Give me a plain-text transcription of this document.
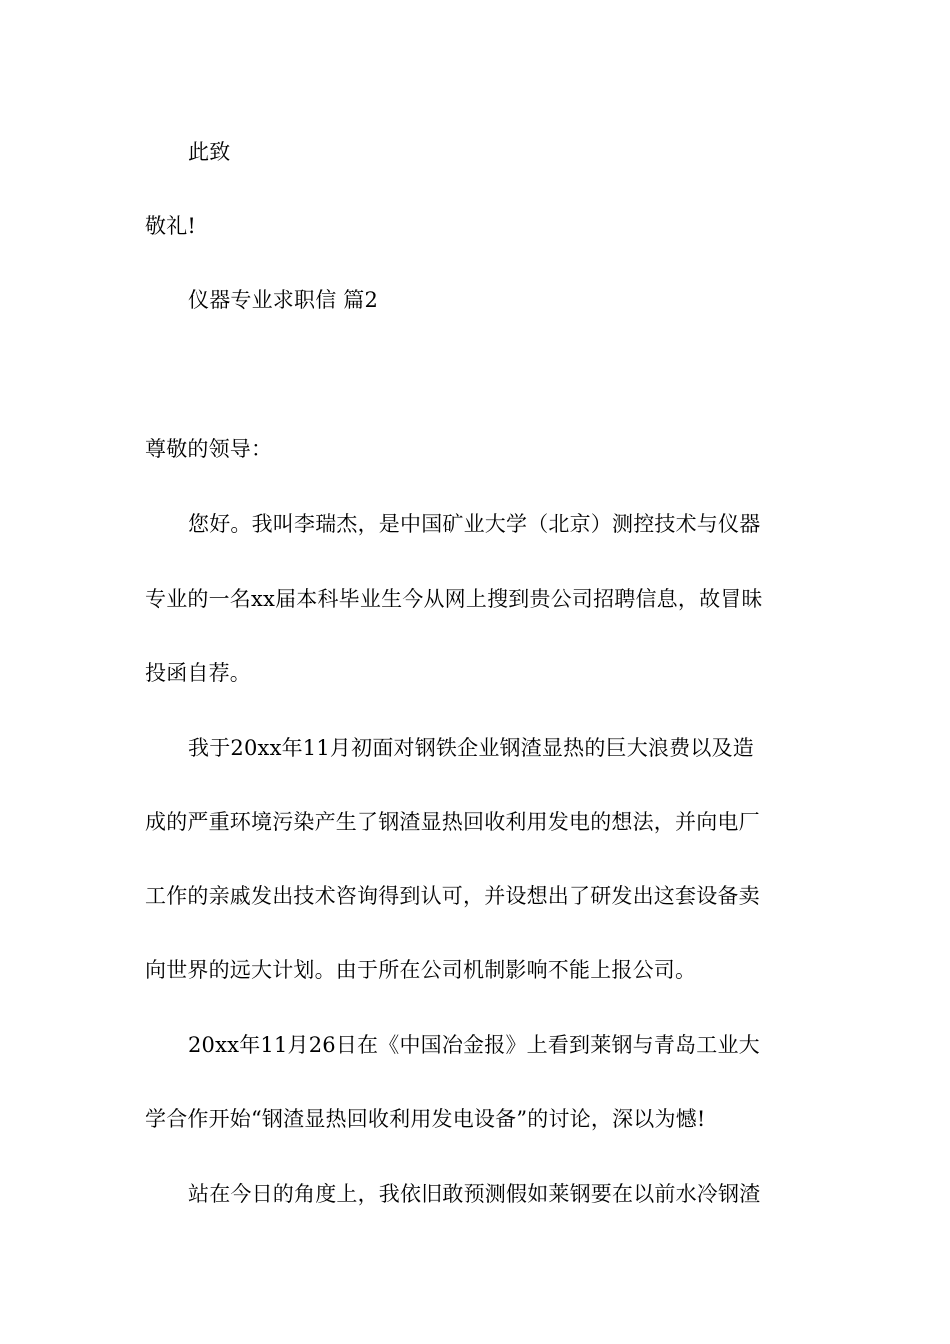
此致
敬礼!
仪器专业求职信 篇2
尊敬的领导：
您好。我叫李瑞杰，是中国矿业大学（北京）测控技术与仪器
专业的一名xx届本科毕业生今从网上搜到贵公司招聘信息，故冒昧
投函自荐。
我于20xx年11月初面对钢铁企业钢渣显热的巨大浪费以及造
成的严重环境污染产生了钢渣显热回收利用发电的想法，并向电厂
工作的亲戚发出技术咨询得到认可，并设想出了研发出这套设备卖
向世界的远大计划。由于所在公司机制影响不能上报公司。
20xx年11月26日在《中国冶金报》上看到莱钢与青岛工业大
学合作开始“钢渣显热回收利用发电设备”的讨论，深以为憾!
站在今日的角度上，我依旧敢预测假如莱钢要在以前水冷钢渣
